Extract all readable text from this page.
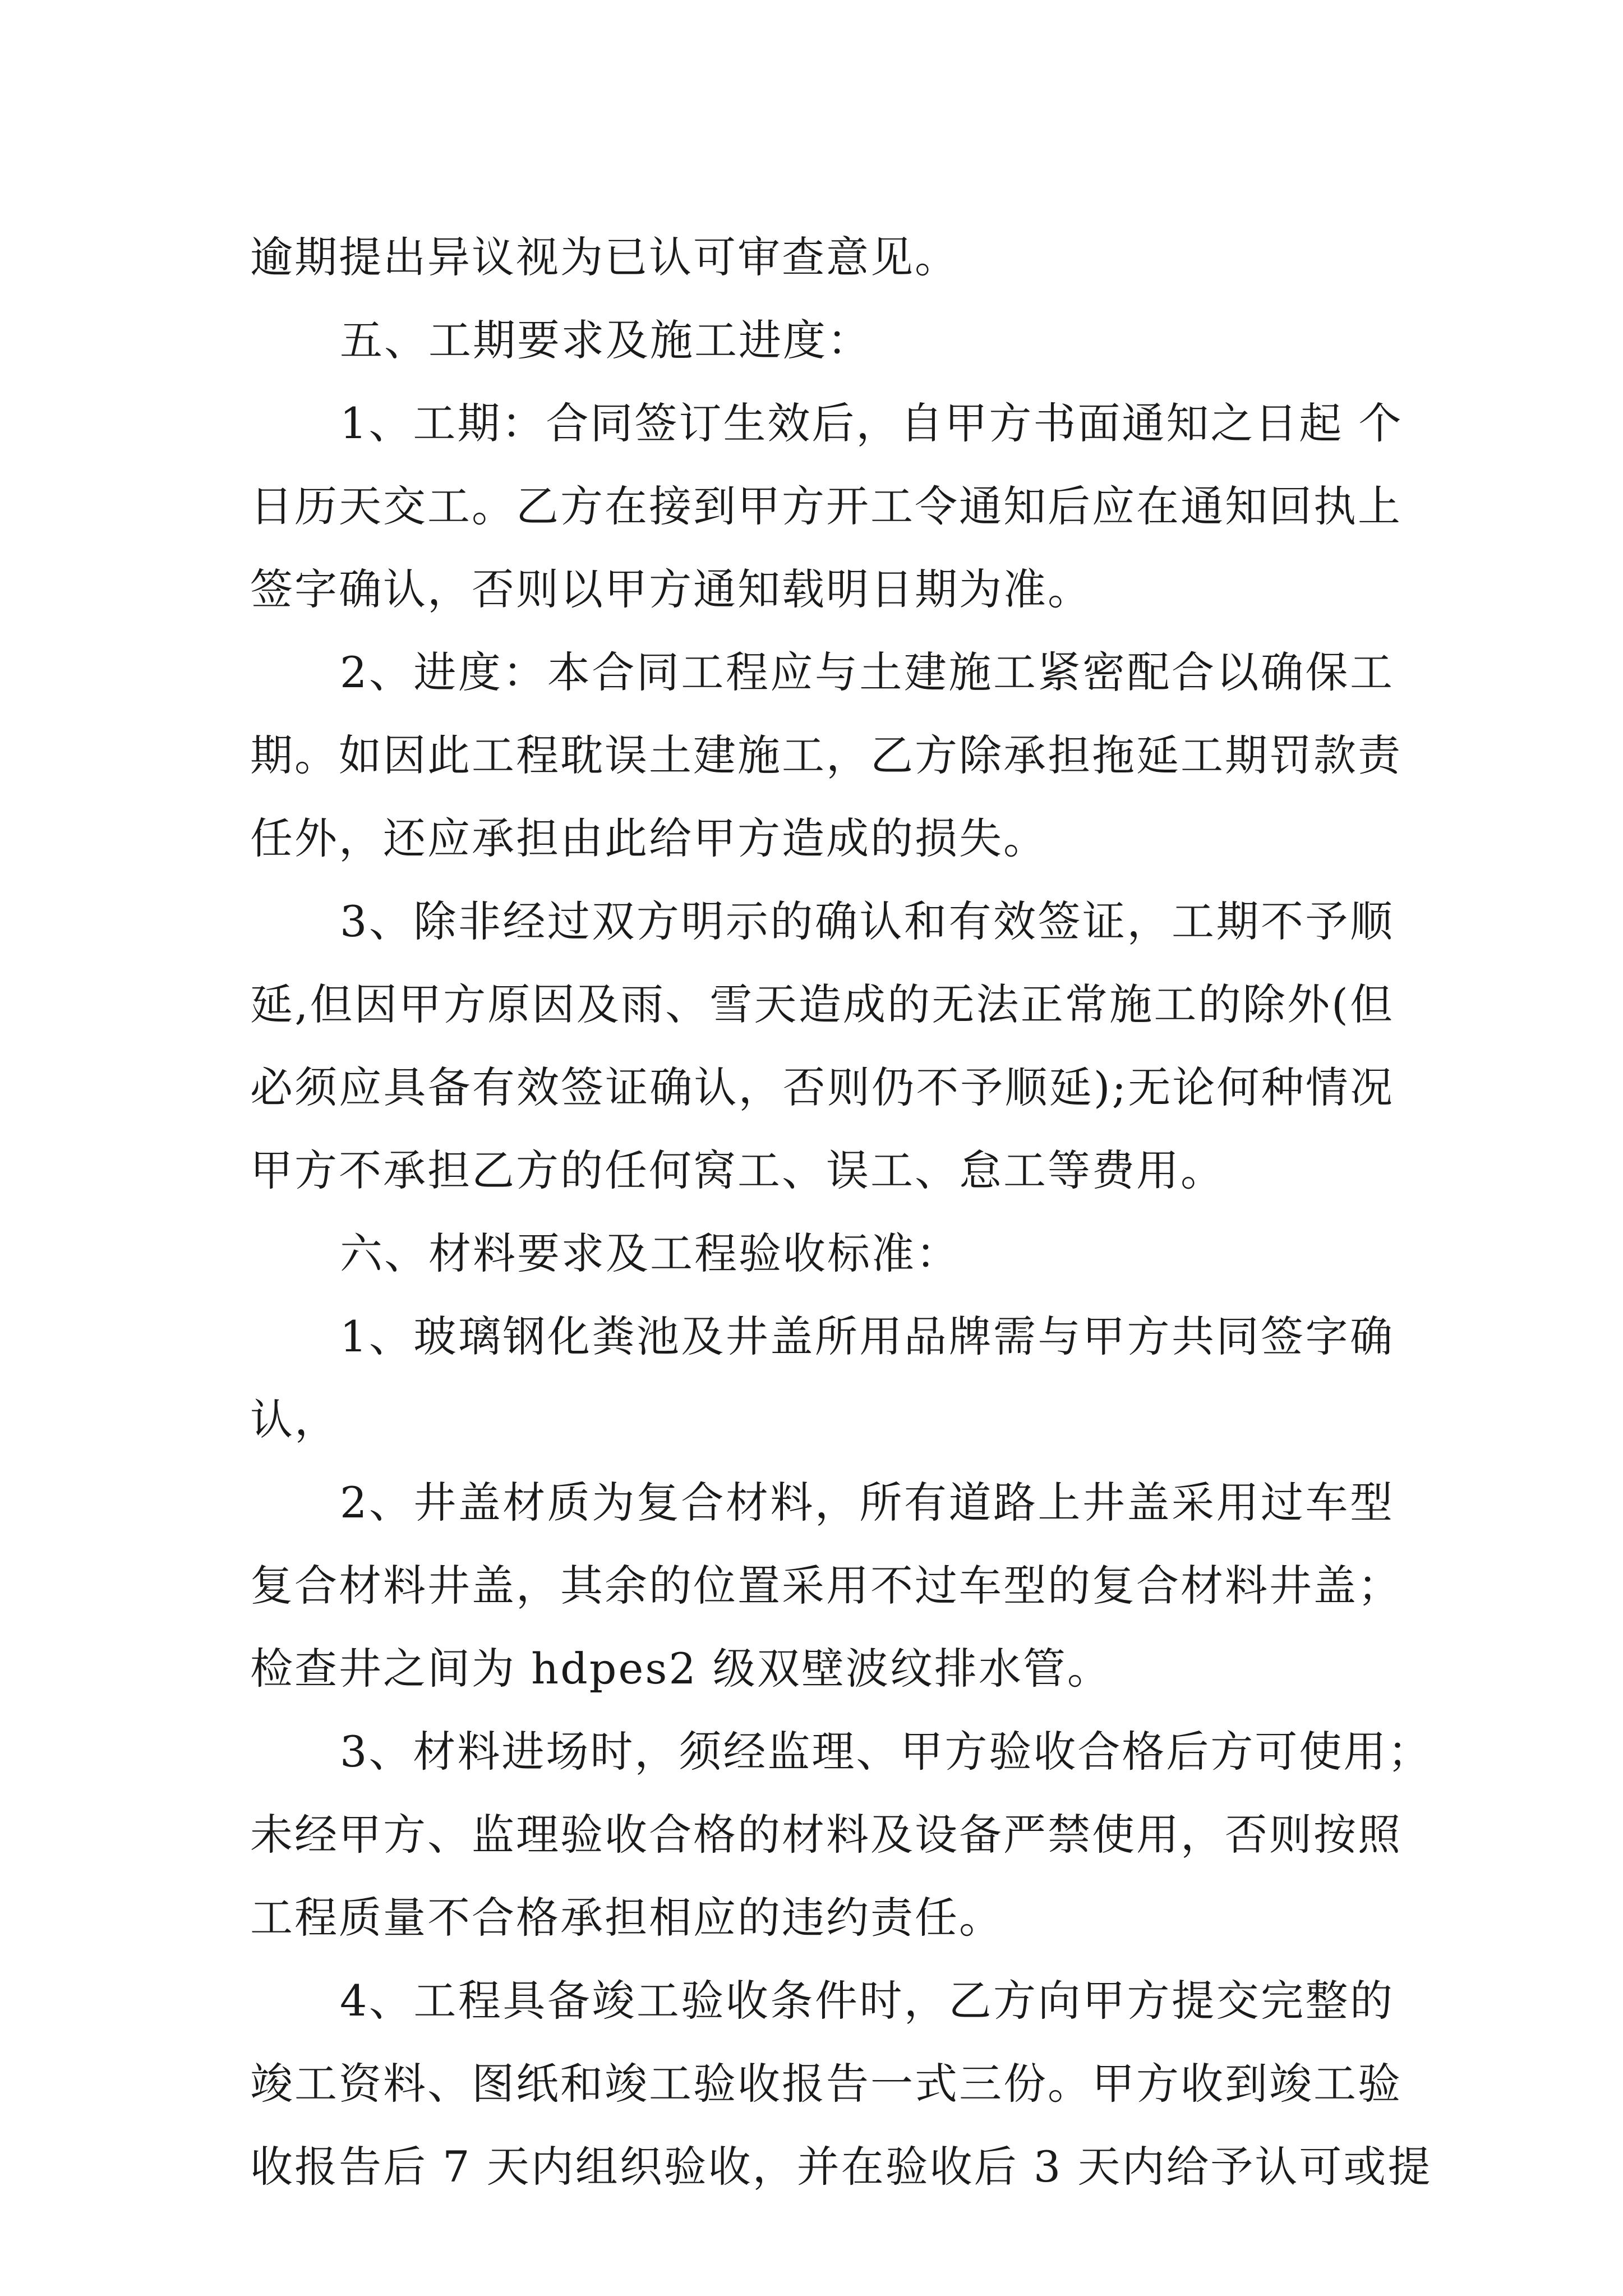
逾期提出异议视为已认可审查意见。
五、工期要求及施工进度：
1、工期：合同签订生效后，自甲方书面通知之日起 个
日历天交工。乙方在接到甲方开工令通知后应在通知回执上
签字确认，否则以甲方通知载明日期为准。
2、进度：本合同工程应与土建施工紧密配合以确保工
期。如因此工程耽误土建施工，乙方除承担拖延工期罚款责
任外，还应承担由此给甲方造成的损失。
3、除非经过双方明示的确认和有效签证，工期不予顺
延,但因甲方原因及雨、雪天造成的无法正常施工的除外(但
必须应具备有效签证确认，否则仍不予顺延);无论何种情况
甲方不承担乙方的任何窝工、误工、怠工等费用。
六、材料要求及工程验收标准：
1、玻璃钢化粪池及井盖所用品牌需与甲方共同签字确
认，
2、井盖材质为复合材料，所有道路上井盖采用过车型
复合材料井盖，其余的位置采用不过车型的复合材料井盖；
检查井之间为 hdpes2 级双壁波纹排水管。
3、材料进场时，须经监理、甲方验收合格后方可使用；
未经甲方、监理验收合格的材料及设备严禁使用，否则按照
工程质量不合格承担相应的违约责任。
4、工程具备竣工验收条件时，乙方向甲方提交完整的
竣工资料、图纸和竣工验收报告一式三份。甲方收到竣工验
收报告后 7 天内组织验收，并在验收后 3 天内给予认可或提
